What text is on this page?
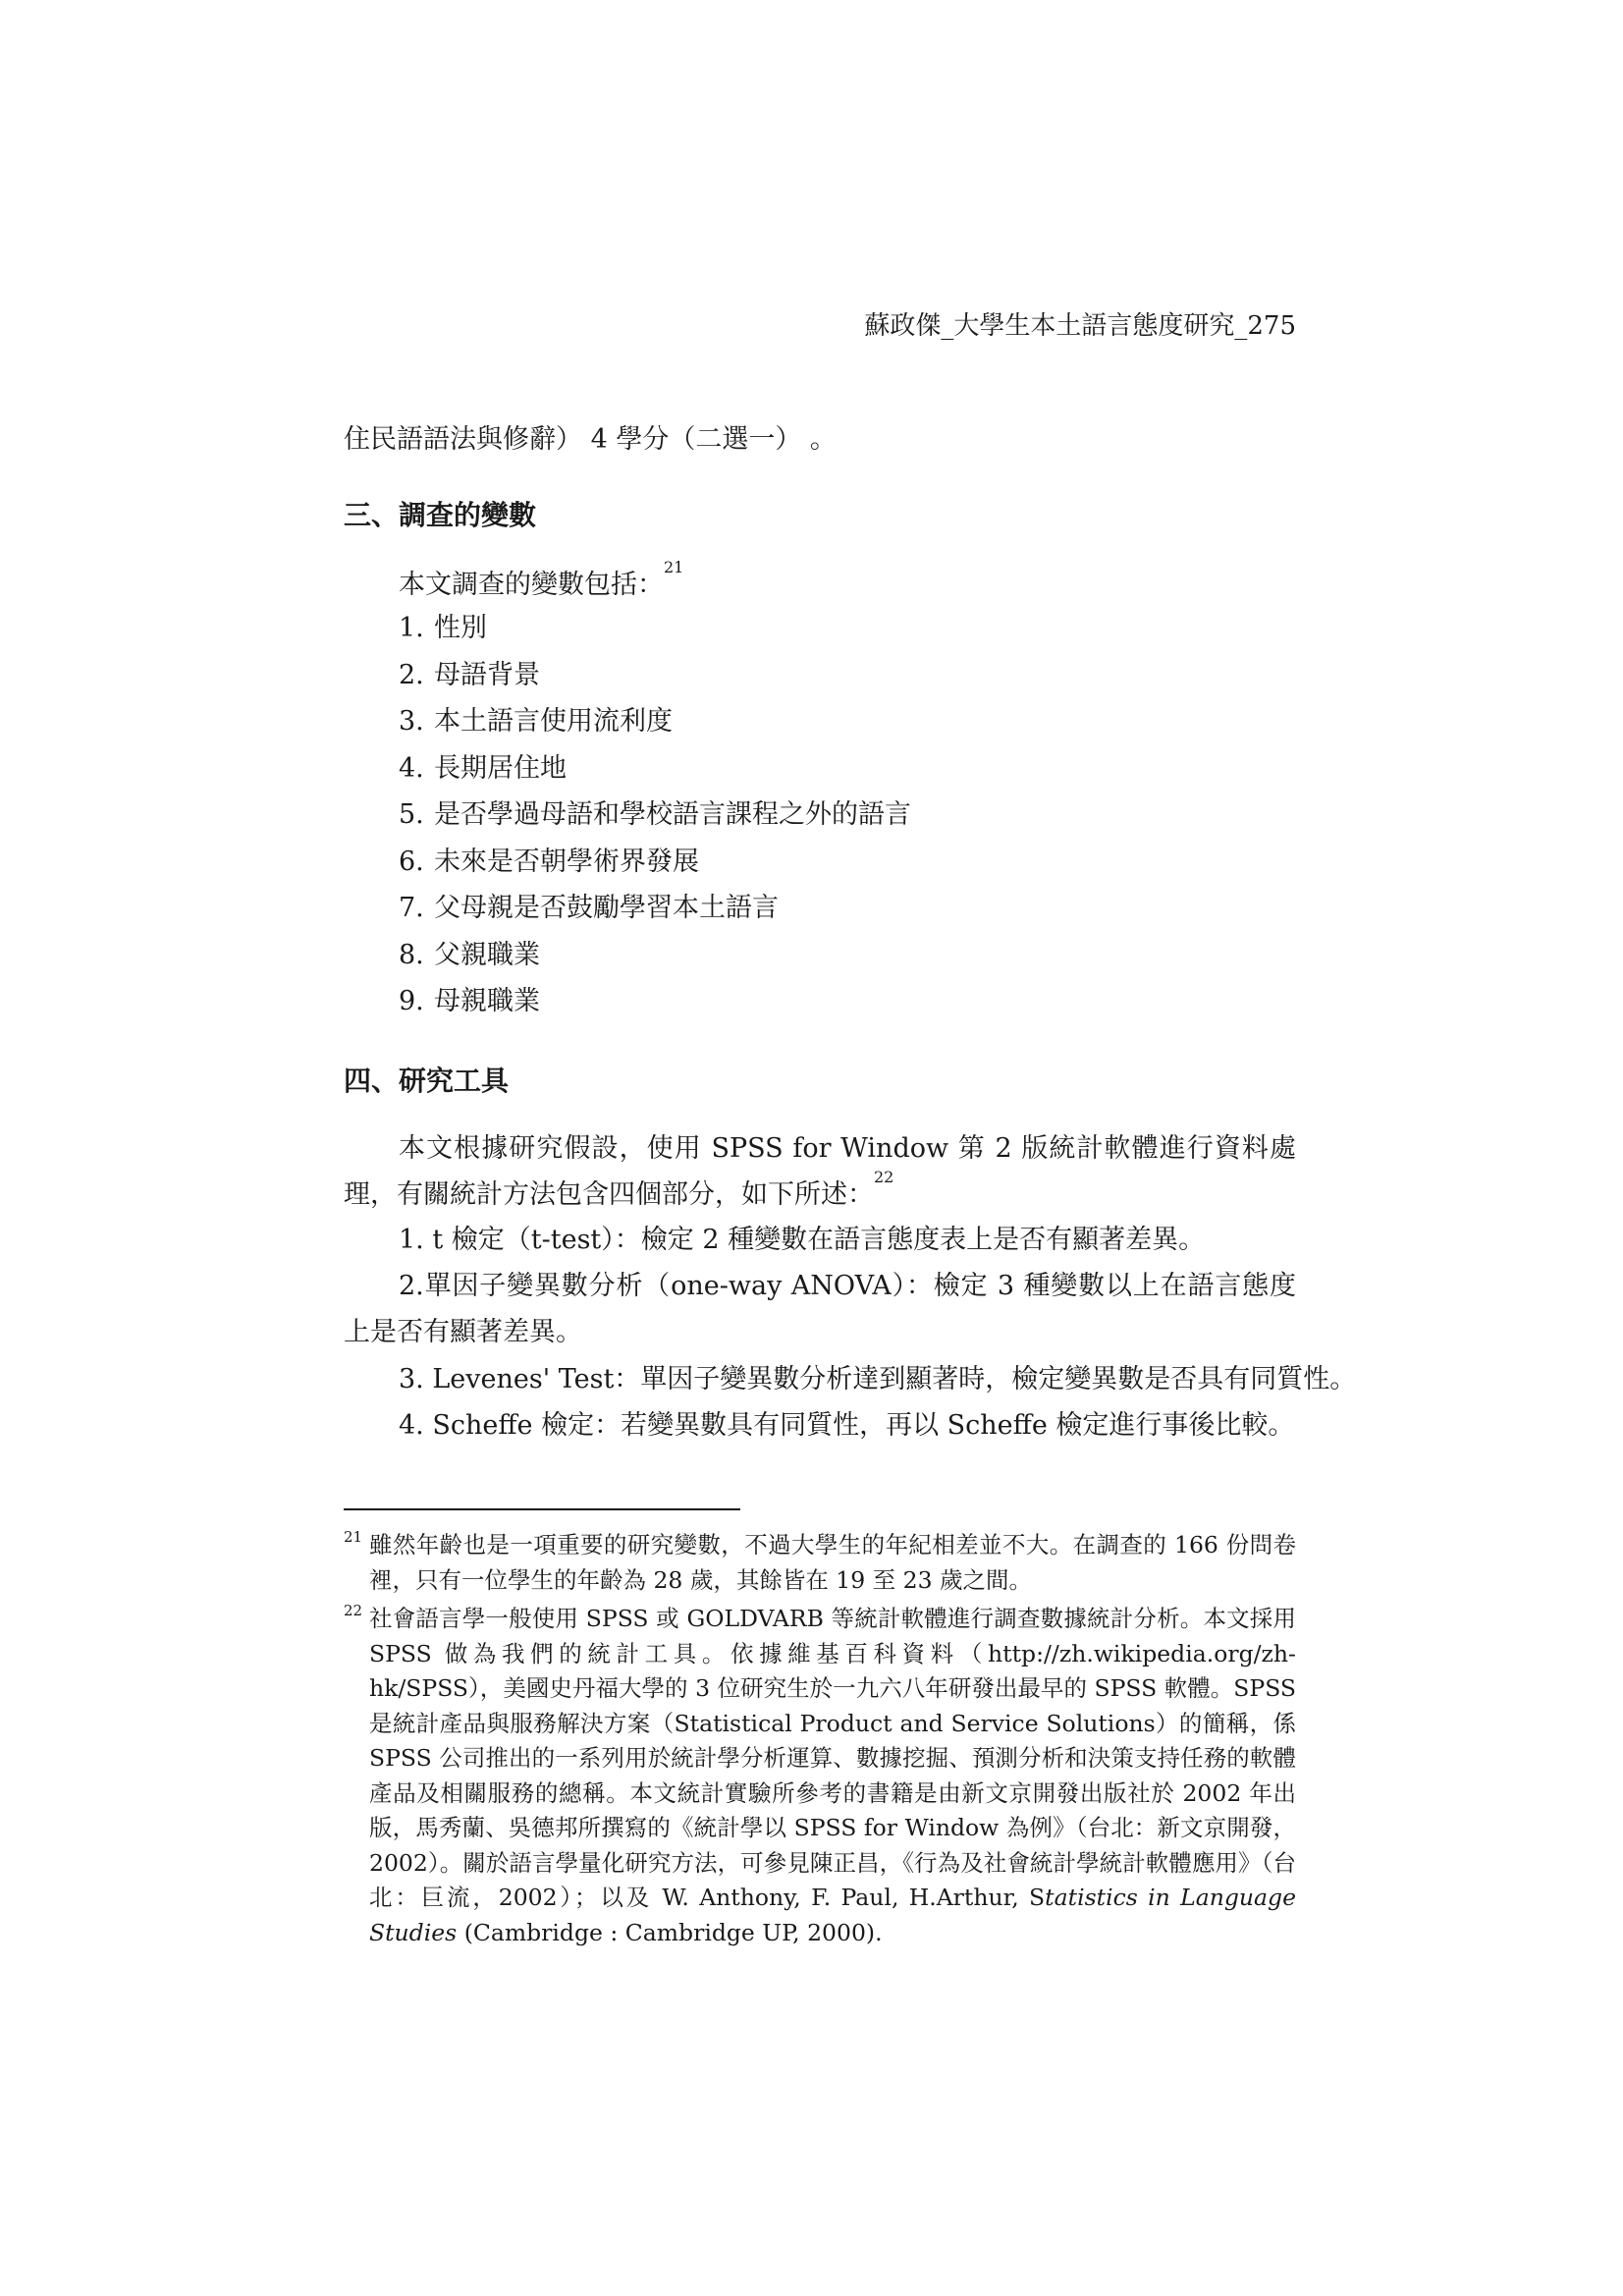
蘇政傑_大學生本土語言態度研究_275
住民語語法與修辭） 4 學分（二選一） 。
三、調查的變數
本文調查的變數包括：$^{21}$
1. 性別
2. 母語背景
3. 本土語言使用流利度
4. 長期居住地
5. 是否學過母語和學校語言課程之外的語言
6. 未來是否朝學術界發展
7. 父母親是否鼓勵學習本土語言
8. 父親職業
9. 母親職業
四、研究工具

本文根據研究假設，使用 SPSS for Window 第 2 版統計軟體進行資料處理，有關統計方法包含四個部分，如下所述：$^{22}$

1. t 檢定（t-test）：檢定 2 種變數在語言態度表上是否有顯著差異。

2.單因子變異數分析（one-way ANOVA）：檢定 3 種變數以上在語言態度上是否有顯著差異。

3. Levenes' Test：單因子變異數分析達到顯著時，檢定變異數是否具有同質性。

4. Scheffe 檢定：若變異數具有同質性，再以 Scheffe 檢定進行事後比較。

21 雖然年齡也是一項重要的研究變數，不過大學生的年紀相差並不大。在調查的 166 份問卷裡，只有一位學生的年齡為 28 歲，其餘皆在 19 至 23 歲之間。

22 社會語言學一般使用 SPSS 或 GOLDVARB 等統計軟體進行調查數據統計分析。本文採用 SPSS 做為我們的統計工具。依據維基百科資料（http://zh.wikipedia.org/zh-hk/SPSS），美國史丹福大學的 3 位研究生於一九六八年研發出最早的 SPSS 軟體。SPSS 是統計產品與服務解決方案（Statistical Product and Service Solutions）的簡稱，係 SPSS 公司推出的一系列用於統計學分析運算、數據挖掘、預測分析和決策支持任務的軟體產品及相關服務的總稱。本文統計實驗所參考的書籍是由新文京開發出版社於 2002 年出版，馬秀蘭、吳德邦所撰寫的《統計學以 SPSS for Window 為例》（台北：新文京開發，2002）。關於語言學量化研究方法，可參見陳正昌，《行為及社會統計學統計軟體應用》（台北：巨流，2002）；以及 W. Anthony, F. Paul, H.Arthur, Statistics in Language Studies (Cambridge : Cambridge UP, 2000).
